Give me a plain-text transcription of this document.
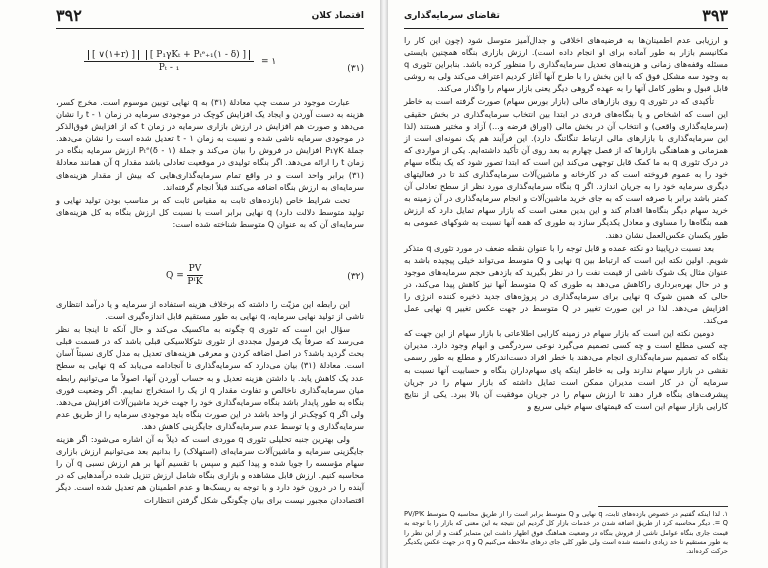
۳۹۲	اقتصاد کلان
(۳۱)
$\frac{\text{[ ∨(۱+r) ] [ P₁γKₜ + Pₜᵉ₊₁(۱ - δ) ]}}{\text{Pₜ - ₁}}$ = ۱

عبارت موجود در سمت چپ معادلهٔ (۳۱) به q نهایی توبین موسوم است. مخرج کسر، هزینه به دست آوردن و ایجاد یک افزایش کوچک در موجودی سرمایه در زمان ۱ - t را نشان می‌دهد و صورت هم افزایش در ارزش بازاری سرمایه در زمان t که از افزایش فوق‌الذکر در موجودی سرمایه ناشی شده و نسبت به زمان ۱ - t تعدیل شده است را نشان می‌دهد. جملهٔ P₁γK افزایش در فروش را بیان می‌کند و جملهٔ (۱ - δ)Pₜᵉ ارزش سرمایه بنگاه در زمان t را ارائه می‌دهد. اگر بنگاه تولیدی در موقعیت تعادلی باشد مقدار q آن همانند معادلهٔ (۳۱) برابر واحد است و در واقع تمام سرمایه‌گذاری‌هایی که بیش از مقدار هزینه‌های سرمایه‌ای به ارزش بنگاه اضافه می‌کنند قبلاً انجام گرفته‌اند.

تحت شرایط خاص (بازده‌های ثابت به مقیاس ثابت که بر مناسب بودن تولید نهایی و تولید متوسط دلالت دارد) q نهایی برابر است با نسبت کل ارزش بنگاه به کل هزینه‌های سرمایه‌ای آن که به عنوان Q متوسط شناخته شده است:

(۳۲)
$Q = \frac{PV}{\text{PᴵK}}$

این رابطه این مزیّت را داشته که برخلاف هزینه استفاده از سرمایه و یا درآمد انتظاری ناشی از تولید نهایی سرمایه، q نهایی به طور مستقیم قابل اندازه‌گیری است.

سؤال این است که تئوری q چگونه به ماکسیک می‌کند و حال آنکه تا اینجا به نظر می‌رسد که صرفاً یک فرمول مجددی از تئوری نئوکلاسیکی قبلی باشد که در قسمت قبلی بحث گردید باشد؟ در اصل اضافه کردن و معرفی هزینه‌های تعدیل به مدل کاری نسبتاً آسان است. معادلهٔ (۳۱) بیان می‌دارد که سرمایه‌گذاری تا آنجادامه می‌یابد که q نهایی به سطح عدد یک کاهش یابد. با داشتن هزینه تعدیل و به حساب آوردن آنها، اصولاً ما می‌توانیم رابطه میان سرمایه‌گذاری ناخالص و تفاوت مقدار q از یک را استخراج نماییم. اگر وضعیت فوری بنگاه به طور پایدار باشد بنگاه سرمایه‌گذاری خود را جهت خرید ماشین‌آلات افزایش می‌دهد. ولی اگر q کوچک‌تر از واحد باشد در این صورت بنگاه باید موجودی سرمایه را از طریق عدم سرمایه‌گذاری و یا توسط عدم سرمایه‌گذاری جایگزینی کاهش دهد.

ولی بهترین جنبه تحلیلی تئوری q موردی است که ذیلاً به آن اشاره می‌شود: اگر هزینه جایگزینی سرمایه و ماشین‌آلات سرمایه‌ای (استهلاک) را بدانیم بعد می‌توانیم ارزش بازاری سهام مؤسسه را جویا شده و پیدا کنیم و سپس با تقسیم آنها بر هم ارزش نسبی q آن را محاسبه کنیم. ارزش قابل مشاهده و بازاری بنگاه شامل ارزش تنزیل شده درآمدهایی که در آینده را در درون خود دارد و با توجه به ریسک‌ها و عدم اطمینان هم تعدیل شده است. دیگر اقتصاددان مجبور نیست برای بیان چگونگی شکل گرفتن انتظارات

۳۹۳
تقاضای سرمایه‌گذاری

و ارزیابی عدم اطمینان‌ها به فرضیه‌های اخلاقی و جدال‌آمیز متوسل شود (چون این کار را مکانیسم بازار به طور آماده برای او انجام داده است). ارزش بازاری بنگاه همچنین بایستی مسئله وقفه‌های زمانی و هزینه‌های تعدیل سرمایه‌گذاری را منظور کرده باشد. بنابراین تئوری q به وجود سه مشکل فوق که با این بخش را با طرح آنها آغاز کردیم اعتراف می‌کند ولی به روشی قابل قبول و بطور کامل آنها را به عهده گروهی دیگر یعنی بازار سهام را واگذار می‌کند.

تأکیدی که در تئوری q روی بازارهای مالی (بازار بورس سهام) صورت گرفته است به خاطر این است که اشخاص و یا بنگاه‌های فردی در ابتدا بین انتخاب سرمایه‌گذاری در بخش حقیقی (سرمایه‌گذاری واقعی) و انتخاب آن در بخش مالی (اوراق قرضه و...) آزاد و مختیر هستند (لذا این سرمایه‌گذاری با بازارهای مالی ارتباط تنگاتنگ دارد). این فرآیند هم یک نمونه‌ای است از همزمانی و هماهنگی بازارها که از فصل چهارم به بعد روی آن تأکید داشته‌ایم. یکی از مواردی که در درک تئوری q به ما کمک قابل توجهی می‌کند این است که ابتدا تصور شود که یک بنگاه سهام خود را به عموم فروخته است که در کارخانه و ماشین‌آلات سرمایه‌گذاری کند تا در فعالیتهای دیگری سرمایه خود را به جریان اندازد. اگر q بنگاه سرمایه‌گذاری مورد نظر از سطح تعادلی آن کمتر باشد برابر با صرفه است که به جای خرید ماشین‌آلات و انجام سرمایه‌گذاری در آن زمینه به خرید سهام دیگر بنگاه‌ها اقدام کند و این بدین معنی است که بازار سهام تمایل دارد که ارزش همه بنگاه‌ها را مساوی و معادل یکدیگر سازد به طوری که همه آنها نسبت به شوکهای عمومی به طور یکسان عکس‌العمل نشان دهند.

بعد نسبت درپایینا دو نکته عمده و قابل توجه را با عنوان نقطه ضعف در مورد تئوری q متذکر شویم. اولین نکته این است که ارتباط بین q نهایی و Q متوسط می‌تواند خیلی پیچیده باشد به عنوان مثال یک شوک ناشی از قیمت نفت را در نظر بگیرید که بازدهی حجم سرمایه‌های موجود و در حال بهره‌برداری راکاهش می‌دهد به طوری که Q متوسط آنها نیز کاهش پیدا می‌کند، در حالی که همین شوک q نهایی برای سرمایه‌گذاری در پروژه‌های جدید ذخیره کننده انرژی را افزایش می‌دهد. لذا در این صورت تغییر در Q متوسط در جهت عکس تغییر q نهایی عمل می‌کند.

دومین نکته این است که بازار سهام در زمینه کارایی اطلاعاتی با بازار سهام از این جهت که چه کسی مطلع است و چه کسی تصمیم می‌گیرد نوعی سردرگمی و ابهام وجود دارد. مدیران بنگاه که تصمیم سرمایه‌گذاری انجام می‌دهند با خطر افراد دست‌اندرکار و مطلع به طور رسمی نقشی در بازار سهام ندارند ولی به خاطر اینکه پای سهام‌داران بنگاه و حسابیت آنها نسبت به سرمایه آن در کار است مدیران ممکن است تمایل داشته که بازار سهام را در جریان پیشرفت‌های بنگاه قرار دهند تا ارزش سهام را در جریان موفقیت آن بالا ببرد. یکی از نتایج کارایی بازار سهام این است که قیمتهای سهام خیلی سریع و

۱. لذا اینکه گفتیم در خصوص بازده‌های ثابت، q نهایی و Q متوسط برابر است را از طریق محاسبه Q متوسط PV/PᴵK = Q. دیگر محاسبه کرد از طریق اضافه شدن در خدمات بازار کل گردیم این نتیجه به این معنی که بازار را با توجه به قیمت جاری بنگاه عوامل ناشی از فروش بنگاه در وضعیت هماهنگ فوق اظهار داشت این متمایز گفت و از این نظر را به طور مستقیم تا حد زیادی دانسته شده است ولی طور کلی جای درهای ملاحظه می‌کنیم Q و q در جهت عکس یکدیگر حرکت کرده‌اند.
